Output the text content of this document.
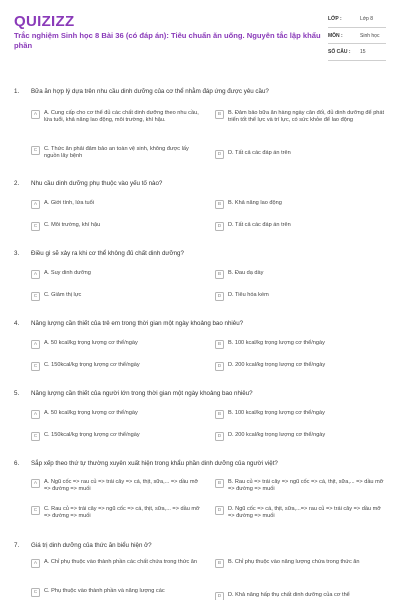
QUIZIZZ
Trắc nghiệm Sinh học 8 Bài 36 (có đáp án): Tiêu chuẩn ăn uống. Nguyên tắc lập khẩu phần
LỚP :	Lớp 8
MÔN :	Sinh học
SỐ CÂU :	15
1. Bữa ăn hợp lý dựa trên nhu cầu dinh dưỡng của cơ thể nhằm đáp ứng được yêu cầu?
A	A. Cung cấp cho cơ thể đủ các chất dinh dưỡng theo nhu cầu, lứa tuổi, khả năng lao động, môi trường, khí hậu.
B	B. Đảm bảo bữa ăn hàng ngày cân đối, đủ dinh dưỡng để phát triển tốt thể lực và trí lực, có sức khỏe để lao động
C	C. Thức ăn phải đảm bảo an toàn vệ sinh, không được lấy nguồn lây bệnh	D	D. Tất cả các đáp án trên
2. Nhu cầu dinh dưỡng phụ thuộc vào yếu tố nào?
A	A. Giới tính, lứa tuổi	B	B. Khả năng lao động
C	C. Môi trường, khí hậu	D	D. Tất cả các đáp án trên
3. Điều gì sẽ xảy ra khi cơ thể không đủ chất dinh dưỡng?
A	A. Suy dinh dưỡng	B	B. Đau dạ dày
C	C. Giảm thị lực	D	D. Tiêu hóa kém
4. Năng lượng cần thiết của trẻ em trong thời gian một ngày khoảng bao nhiêu?
A	A. 50 kcal/kg trọng lượng cơ thể/ngày	B	B. 100 kcal/kg trọng lượng cơ thể/ngày
C	C. 150kcal/kg trọng lượng cơ thể/ngày	D	D. 200 kcal/kg trọng lượng cơ thể/ngày
5. Năng lượng cần thiết của người lớn trong thời gian một ngày khoảng bao nhiêu?
A	A. 50 kcal/kg trọng lượng cơ thể/ngày	B	B. 100 kcal/kg trọng lượng cơ thể/ngày
C	C. 150kcal/kg trọng lượng cơ thể/ngày	D	D. 200 kcal/kg trọng lượng cơ thể/ngày
6. Sắp xếp theo thứ tự thường xuyên xuất hiện trong khẩu phần dinh dưỡng của người việt?
A	A. Ngũ cốc => rau củ => trái cây => cá, thịt, sữa,... => dầu mỡ => đường => muối
B	B. Rau củ => trái cây => ngũ cốc => cá, thịt, sữa,... => dầu mỡ => đường => muối
C	C. Rau củ => trái cây => ngũ cốc => cá, thịt, sữa,... => dầu mỡ => đường => muối
D	D. Ngũ cốc => cá, thịt, sữa,...=> rau củ => trái cây => dầu mỡ => đường => muối
7. Giá trị dinh dưỡng của thức ăn biểu hiện ở?
A	A. Chỉ phụ thuộc vào thành phần các chất chứa trong thức ăn	B	B. Chỉ phụ thuộc vào năng lượng chứa trong thức ăn
C	C. Phụ thuộc vào thành phần và năng lượng các
D	D. Khả năng hấp thụ chất dinh dưỡng của cơ thể
